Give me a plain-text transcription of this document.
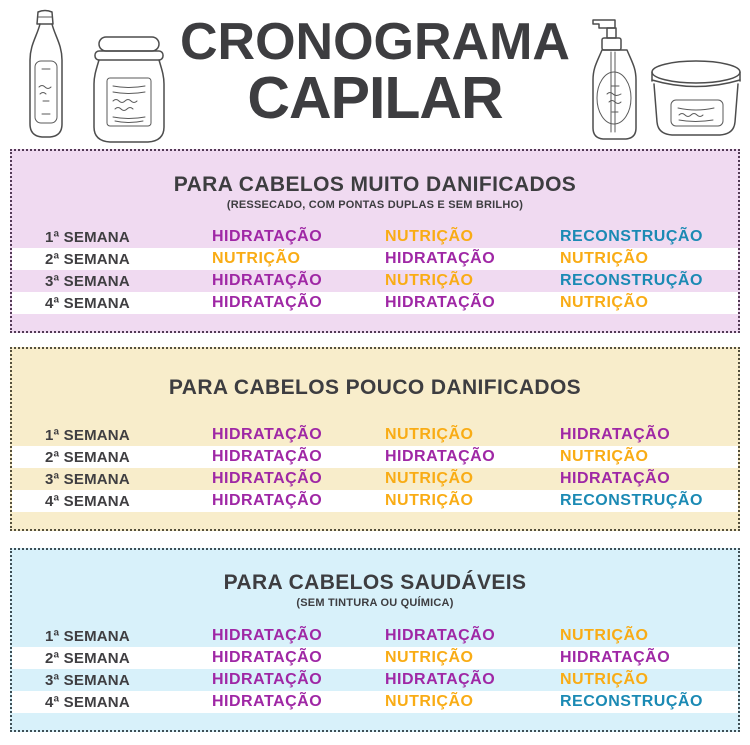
CRONOGRAMA
CAPILAR
PARA CABELOS MUITO DANIFICADOS
(RESSECADO, COM PONTAS DUPLAS E SEM BRILHO)
1ª SEMANA	HIDRATAÇÃO	NUTRIÇÃO	RECONSTRUÇÃO
2ª SEMANA	NUTRIÇÃO	HIDRATAÇÃO	NUTRIÇÃO
3ª SEMANA	HIDRATAÇÃO	NUTRIÇÃO	RECONSTRUÇÃO
4ª SEMANA	HIDRATAÇÃO	HIDRATAÇÃO	NUTRIÇÃO
PARA CABELOS POUCO DANIFICADOS
1ª SEMANA	HIDRATAÇÃO	NUTRIÇÃO	HIDRATAÇÃO
2ª SEMANA	HIDRATAÇÃO	HIDRATAÇÃO	NUTRIÇÃO
3ª SEMANA	HIDRATAÇÃO	NUTRIÇÃO	HIDRATAÇÃO
4ª SEMANA	HIDRATAÇÃO	NUTRIÇÃO	RECONSTRUÇÃO
PARA CABELOS SAUDÁVEIS
(SEM TINTURA OU QUÍMICA)
1ª SEMANA	HIDRATAÇÃO	HIDRATAÇÃO	NUTRIÇÃO
2ª SEMANA	HIDRATAÇÃO	NUTRIÇÃO	HIDRATAÇÃO
3ª SEMANA	HIDRATAÇÃO	HIDRATAÇÃO	NUTRIÇÃO
4ª SEMANA	HIDRATAÇÃO	NUTRIÇÃO	RECONSTRUÇÃO
